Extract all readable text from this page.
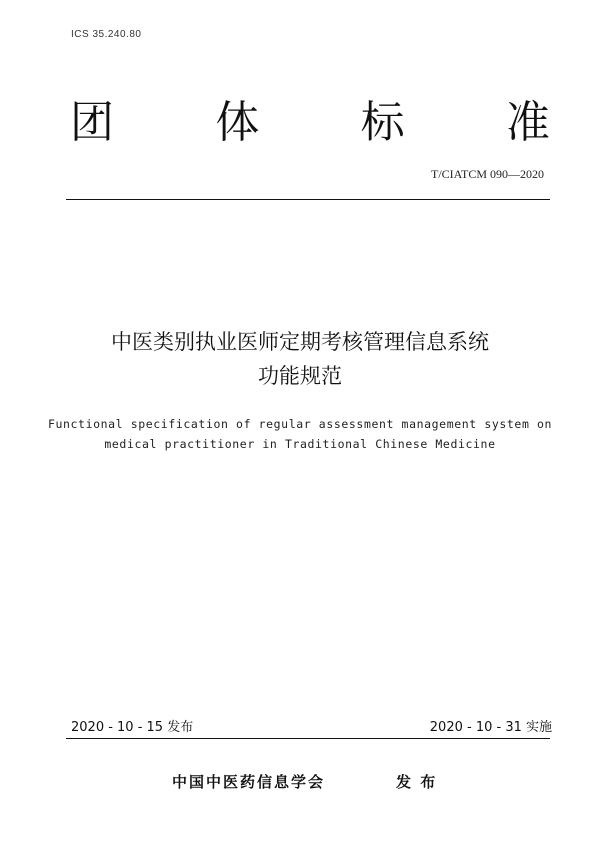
ICS 35.240.80
团 体 标 准
T/CIATCM 090—2020
中医类别执业医师定期考核管理信息系统
功能规范
Functional specification of regular assessment management system on
medical practitioner in Traditional Chinese Medicine
2020 - 10 - 15 发布	2020 - 10 - 31 实施
中国中医药信息学会	发 布
